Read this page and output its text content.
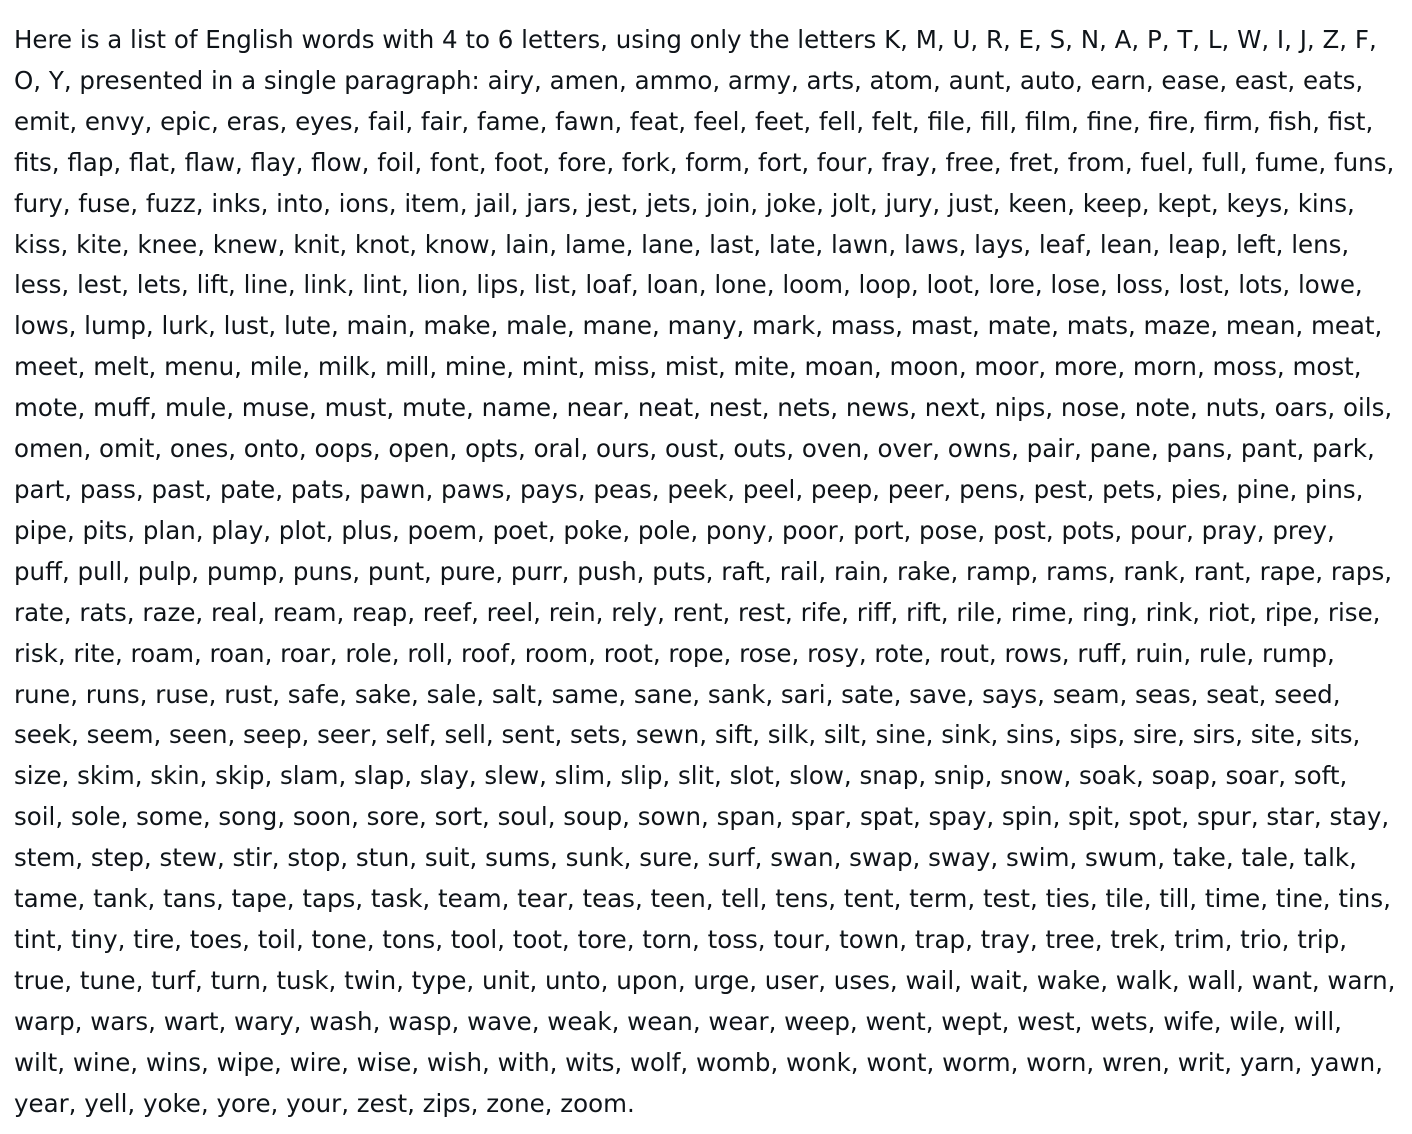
Here is a list of English words with 4 to 6 letters, using only the letters K, M, U, R, E, S, N, A, P, T, L, W, I, J, Z, F, O, Y, presented in a single paragraph: airy, amen, ammo, army, arts, atom, aunt, auto, earn, ease, east, eats, emit, envy, epic, eras, eyes, fail, fair, fame, fawn, feat, feel, feet, fell, felt, file, fill, film, fine, fire, firm, fish, fist, fits, flap, flat, flaw, flay, flow, foil, font, foot, fore, fork, form, fort, four, fray, free, fret, from, fuel, full, fume, funs, fury, fuse, fuzz, inks, into, ions, item, jail, jars, jest, jets, join, joke, jolt, jury, just, keen, keep, kept, keys, kins, kiss, kite, knee, knew, knit, knot, know, lain, lame, lane, last, late, lawn, laws, lays, leaf, lean, leap, left, lens, less, lest, lets, lift, line, link, lint, lion, lips, list, loaf, loan, lone, loom, loop, loot, lore, lose, loss, lost, lots, lowe, lows, lump, lurk, lust, lute, main, make, male, mane, many, mark, mass, mast, mate, mats, maze, mean, meat, meet, melt, menu, mile, milk, mill, mine, mint, miss, mist, mite, moan, moon, moor, more, morn, moss, most, mote, muff, mule, muse, must, mute, name, near, neat, nest, nets, news, next, nips, nose, note, nuts, oars, oils, omen, omit, ones, onto, oops, open, opts, oral, ours, oust, outs, oven, over, owns, pair, pane, pans, pant, park, part, pass, past, pate, pats, pawn, paws, pays, peas, peek, peel, peep, peer, pens, pest, pets, pies, pine, pins, pipe, pits, plan, play, plot, plus, poem, poet, poke, pole, pony, poor, port, pose, post, pots, pour, pray, prey, puff, pull, pulp, pump, puns, punt, pure, purr, push, puts, raft, rail, rain, rake, ramp, rams, rank, rant, rape, raps, rate, rats, raze, real, ream, reap, reef, reel, rein, rely, rent, rest, rife, riff, rift, rile, rime, ring, rink, riot, ripe, rise, risk, rite, roam, roan, roar, role, roll, roof, room, root, rope, rose, rosy, rote, rout, rows, ruff, ruin, rule, rump, rune, runs, ruse, rust, safe, sake, sale, salt, same, sane, sank, sari, sate, save, says, seam, seas, seat, seed, seek, seem, seen, seep, seer, self, sell, sent, sets, sewn, sift, silk, silt, sine, sink, sins, sips, sire, sirs, site, sits, size, skim, skin, skip, slam, slap, slay, slew, slim, slip, slit, slot, slow, snap, snip, snow, soak, soap, soar, soft, soil, sole, some, song, soon, sore, sort, soul, soup, sown, span, spar, spat, spay, spin, spit, spot, spur, star, stay, stem, step, stew, stir, stop, stun, suit, sums, sunk, sure, surf, swan, swap, sway, swim, swum, take, tale, talk, tame, tank, tans, tape, taps, task, team, tear, teas, teen, tell, tens, tent, term, test, ties, tile, till, time, tine, tins, tint, tiny, tire, toes, toil, tone, tons, tool, toot, tore, torn, toss, tour, town, trap, tray, tree, trek, trim, trio, trip, true, tune, turf, turn, tusk, twin, type, unit, unto, upon, urge, user, uses, wail, wait, wake, walk, wall, want, warn, warp, wars, wart, wary, wash, wasp, wave, weak, wean, wear, weep, went, wept, west, wets, wife, wile, will, wilt, wine, wins, wipe, wire, wise, wish, with, wits, wolf, womb, wonk, wont, worm, worn, wren, writ, yarn, yawn, year, yell, yoke, yore, your, zest, zips, zone, zoom.
